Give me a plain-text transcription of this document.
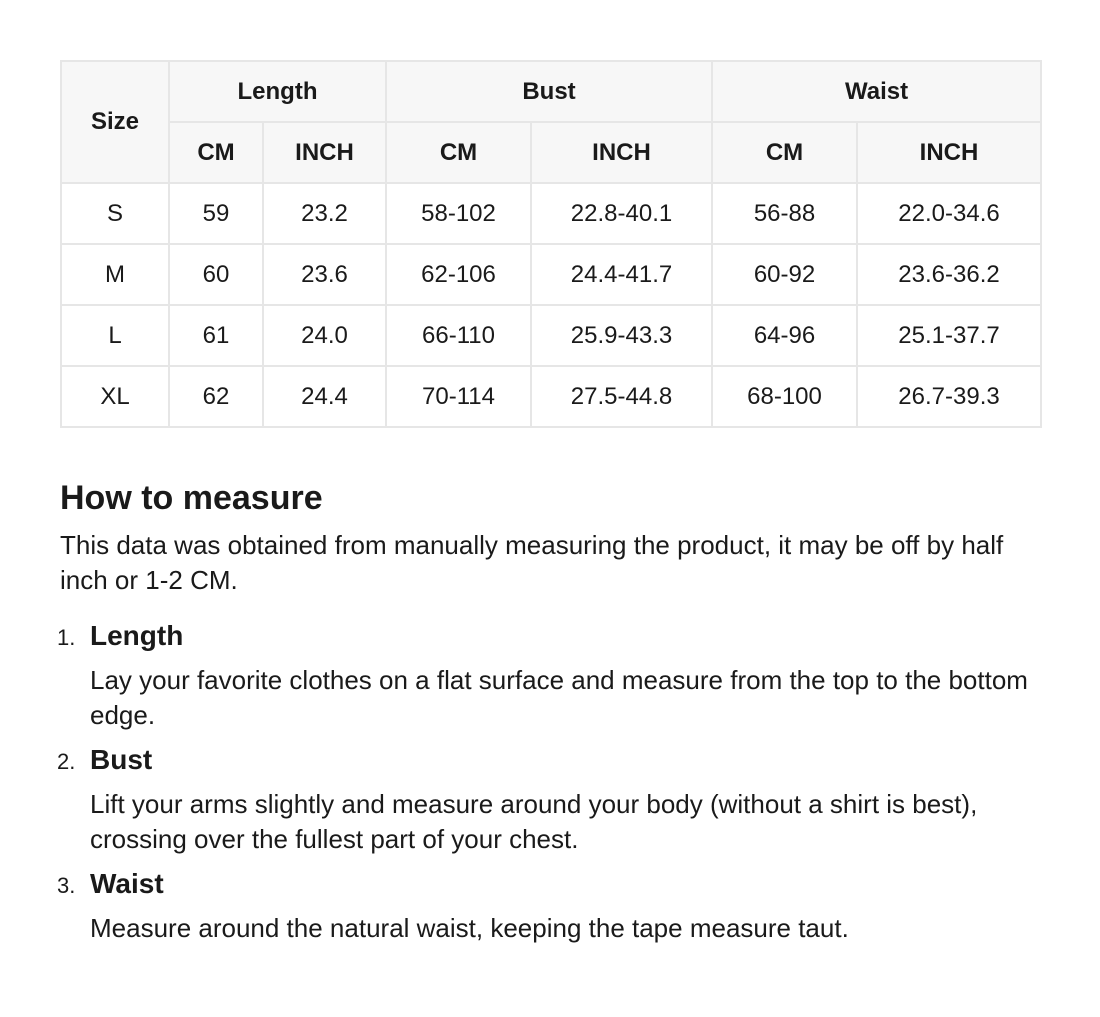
Size	Length		Bust		Waist	
	CM	INCH	CM	INCH	CM	INCH
S	59	23.2	58-102	22.8-40.1	56-88	22.0-34.6
M	60	23.6	62-106	24.4-41.7	60-92	23.6-36.2
L	61	24.0	66-110	25.9-43.3	64-96	25.1-37.7
XL	62	24.4	70-114	27.5-44.8	68-100	26.7-39.3
How to measure

This data was obtained from manually measuring the product, it may be off by half inch or 1-2 CM.

1. Length
Lay your favorite clothes on a flat surface and measure from the top to the bottom edge.
2. Bust
Lift your arms slightly and measure around your body (without a shirt is best), crossing over the fullest part of your chest.
3. Waist
Measure around the natural waist, keeping the tape measure taut.
